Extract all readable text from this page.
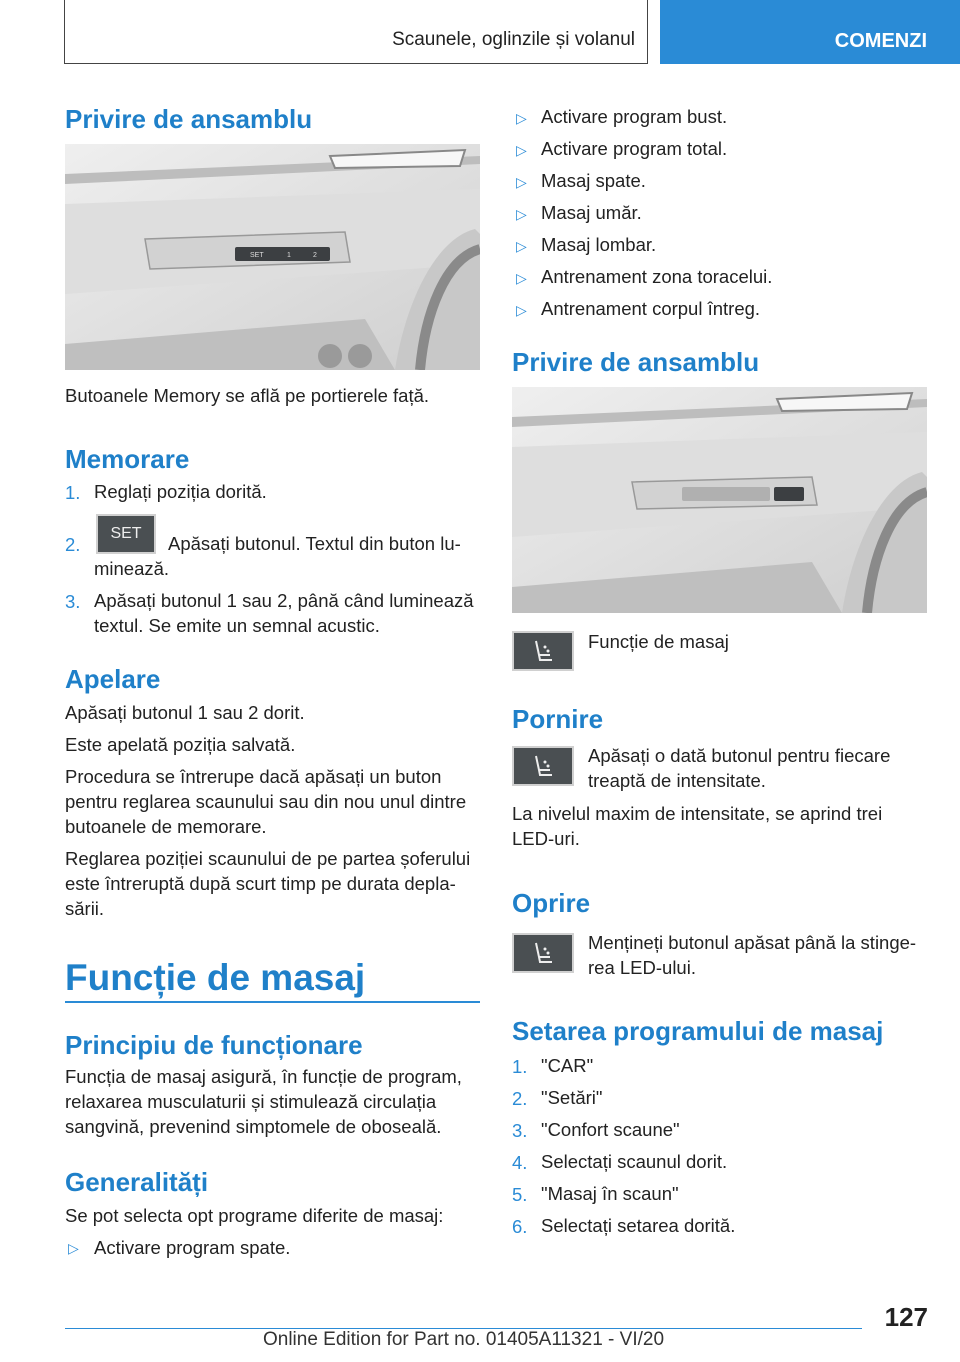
Scaunele, oglinzile și volanul	COMENZI
Privire de ansamblu
SET	1	2
Butoanele Memory se află pe portierele față.
Memorare
1. Reglați poziția dorită.
2.
SET	Apăsați butonul. Textul din buton lu-
minează.
3. Apăsați butonul 1 sau 2, până când luminează
textul. Se emite un semnal acustic.
Apelare
Apăsați butonul 1 sau 2 dorit.
Este apelată poziția salvată.
Procedura se întrerupe dacă apăsați un buton
pentru reglarea scaunului sau din nou unul dintre
butoanele de memorare.
Reglarea poziției scaunului de pe partea șoferului
este întreruptă după scurt timp pe durata depla-
sării.
Funcție de masaj
Principiu de funcționare
Funcția de masaj asigură, în funcție de program,
relaxarea musculaturii și stimulează circulația
sangvină, prevenind simptomele de oboseală.
Generalități
Se pot selecta opt programe diferite de masaj:
▷ Activare program spate.
▷ Activare program bust.
▷ Activare program total.
▷ Masaj spate.
▷ Masaj umăr.
▷ Masaj lombar.
▷ Antrenament zona toracelui.
▷ Antrenament corpul întreg.
Privire de ansamblu
Funcție de masaj
Pornire
Apăsați o dată butonul pentru fiecare
treaptă de intensitate.
La nivelul maxim de intensitate, se aprind trei
LED-uri.
Oprire
Mențineți butonul apăsat până la stinge-
rea LED-ului.
Setarea programului de masaj
1. "CAR"
2. "Setări"
3. "Confort scaune"
4. Selectați scaunul dorit.
5. "Masaj în scaun"
6. Selectați setarea dorită.
127
Online Edition for Part no. 01405A11321 - VI/20
